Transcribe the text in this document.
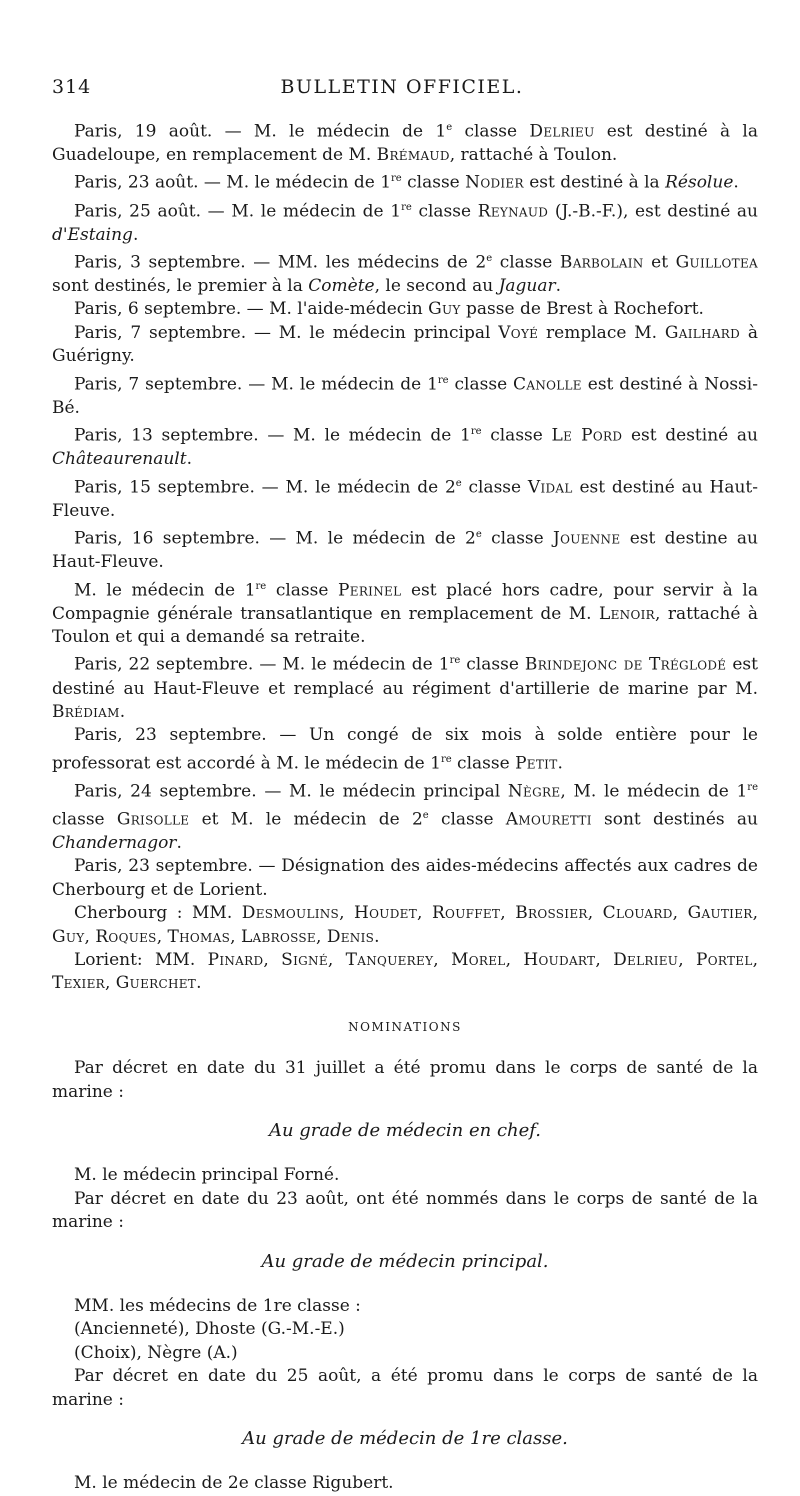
314	BULLETIN OFFICIEL.

Paris, 19 août. — M. le médecin de 1e classe Delrieu est destiné à la Guadeloupe, en remplacement de M. Brémaud, rattaché à Toulon.

Paris, 23 août. — M. le médecin de 1re classe Nodier est destiné à la Résolue.

Paris, 25 août. — M. le médecin de 1re classe Reynaud (J.-B.-F.), est destiné au d'Estaing.

Paris, 3 septembre. — MM. les médecins de 2e classe Barbolain et Guillotea sont destinés, le premier à la Comète, le second au Jaguar.

Paris, 6 septembre. — M. l'aide-médecin Guy passe de Brest à Rochefort.

Paris, 7 septembre. — M. le médecin principal Voyé remplace M. Gailhard à Guérigny.

Paris, 7 septembre. — M. le médecin de 1re classe Canolle est destiné à Nossi-Bé.

Paris, 13 septembre. — M. le médecin de 1re classe Le Pord est destiné au Châteaurenault.

Paris, 15 septembre. — M. le médecin de 2e classe Vidal est destiné au Haut-Fleuve.

Paris, 16 septembre. — M. le médecin de 2e classe Jouenne est destine au Haut-Fleuve.

M. le médecin de 1re classe Perinel est placé hors cadre, pour servir à la Compagnie générale transatlantique en remplacement de M. Lenoir, rattaché à Toulon et qui a demandé sa retraite.

Paris, 22 septembre. — M. le médecin de 1re classe Brindejonc de Tréglodé est destiné au Haut-Fleuve et remplacé au régiment d'artillerie de marine par M. Brédiam.

Paris, 23 septembre. — Un congé de six mois à solde entière pour le professorat est accordé à M. le médecin de 1re classe Petit.

Paris, 24 septembre. — M. le médecin principal Nègre, M. le médecin de 1re classe Grisolle et M. le médecin de 2e classe Amouretti sont destinés au Chandernagor.

Paris, 23 septembre. — Désignation des aides-médecins affectés aux cadres de Cherbourg et de Lorient.

Cherbourg : MM. Desmoulins, Houdet, Rouffet, Brossier, Clouard, Gautier, Guy, Roques, Thomas, Labrosse, Denis.

Lorient: MM. Pinard, Signé, Tanquerey, Morel, Houdart, Delrieu, Portel, Texier, Guerchet.

NOMINATIONS

Par décret en date du 31 juillet a été promu dans le corps de santé de la marine :

Au grade de médecin en chef.

M. le médecin principal Forné.

Par décret en date du 23 août, ont été nommés dans le corps de santé de la marine :

Au grade de médecin principal.

MM. les médecins de 1re classe :

(Ancienneté), Dhoste (G.-M.-E.)

(Choix), Nègre (A.)

Par décret en date du 25 août, a été promu dans le corps de santé de la marine :

Au grade de médecin de 1re classe.

M. le médecin de 2e classe Rigubert.
